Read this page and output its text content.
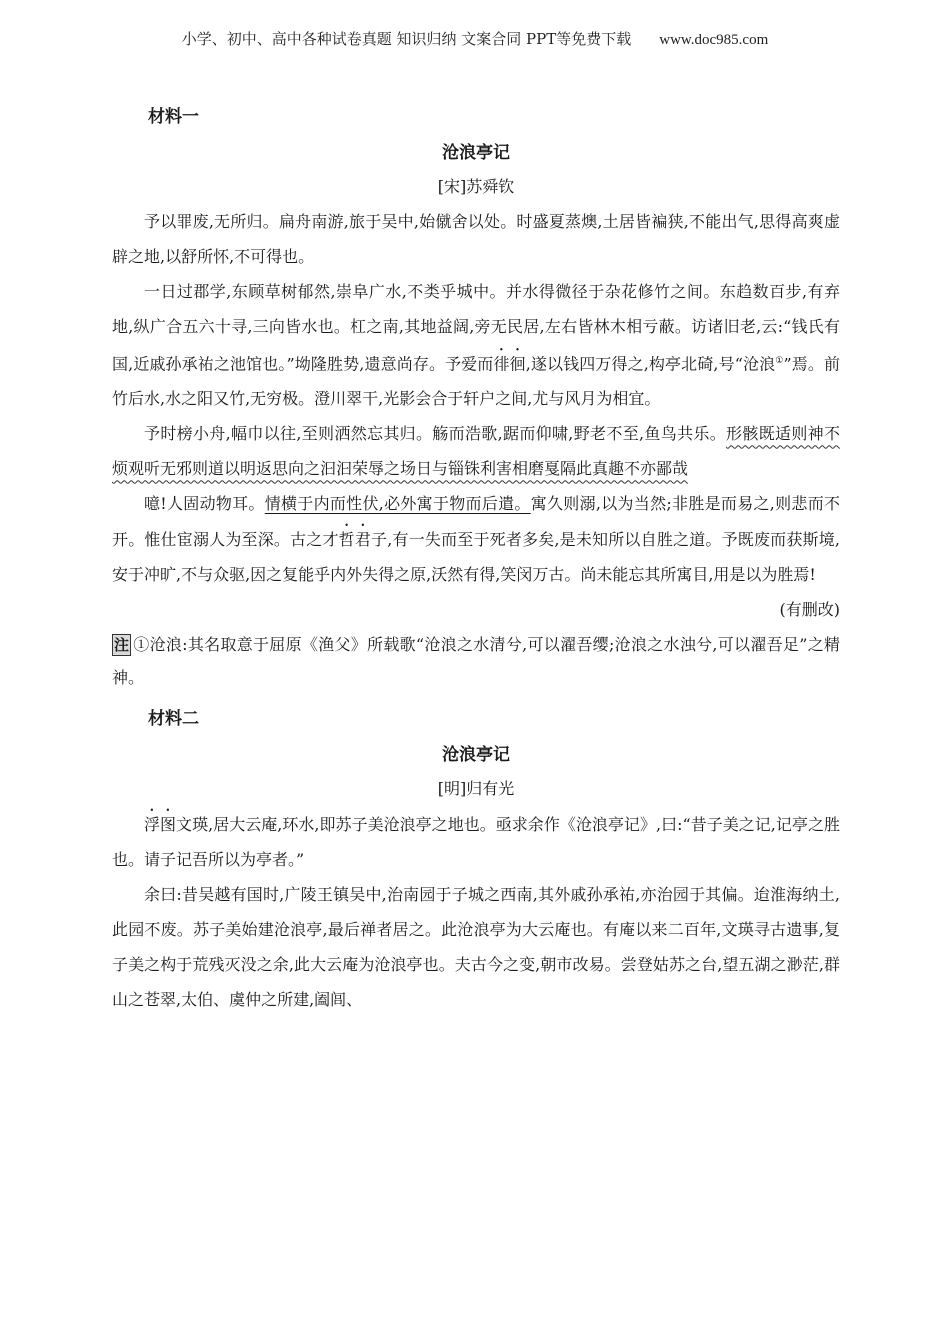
小学、初中、高中各种试卷真题 知识归纳 文案合同 PPT等免费下载 www.doc985.com
材料一
沧浪亭记
[宋]苏舜钦

予以罪废,无所归。扁舟南游,旅于吴中,始僦舍以处。时盛夏蒸燠,土居皆褊狭,不能出气,思得高爽虚辟之地,以舒所怀,不可得也。

一日过郡学,东顾草树郁然,崇阜广水,不类乎城中。并水得微径于杂花修竹之间。东趋数百步,有弃地,纵广合五六十寻,三向皆水也。杠之南,其地益阔,旁无民居,左右皆林木相亏蔽。访诸旧老,云:“钱氏有国,近戚孙承祐之池馆也。”坳隆胜势,遗意尚存。予爱而徘徊,遂以钱四万得之,构亭北碕,号“沧浪①”焉。前竹后水,水之阳又竹,无穷极。澄川翠干,光影会合于轩户之间,尤与风月为相宜。

予时榜小舟,幅巾以往,至则洒然忘其归。觞而浩歌,踞而仰啸,野老不至,鱼鸟共乐。形骸既适则神不烦观听无邪则道以明返思向之汩汩荣辱之场日与锱铢利害相磨戛隔此真趣不亦鄙哉

噫!人固动物耳。情横于内而性伏,必外寓于物而后遣。寓久则溺,以为当然;非胜是而易之,则悲而不开。惟仕宦溺人为至深。古之才哲君子,有一失而至于死者多矣,是未知所以自胜之道。予既废而获斯境,安于冲旷,不与众驱,因之复能乎内外失得之原,沃然有得,笑闵万古。尚未能忘其所寓目,用是以为胜焉!

(有删改)

注 ①沧浪:其名取意于屈原《渔父》所载歌“沧浪之水清兮,可以濯吾缨;沧浪之水浊兮,可以濯吾足”之精神。

材料二
沧浪亭记
[明]归有光

浮图文瑛,居大云庵,环水,即苏子美沧浪亭之地也。亟求余作《沧浪亭记》,曰:“昔子美之记,记亭之胜也。请子记吾所以为亭者。”

余曰:昔吴越有国时,广陵王镇吴中,治南园于子城之西南,其外戚孙承祐,亦治园于其偏。迨淮海纳土,此园不废。苏子美始建沧浪亭,最后禅者居之。此沧浪亭为大云庵也。有庵以来二百年,文瑛寻古遗事,复子美之构于荒残灭没之余,此大云庵为沧浪亭也。夫古今之变,朝市改易。尝登姑苏之台,望五湖之渺茫,群山之苍翠,太伯、虞仲之所建,阖闾、
